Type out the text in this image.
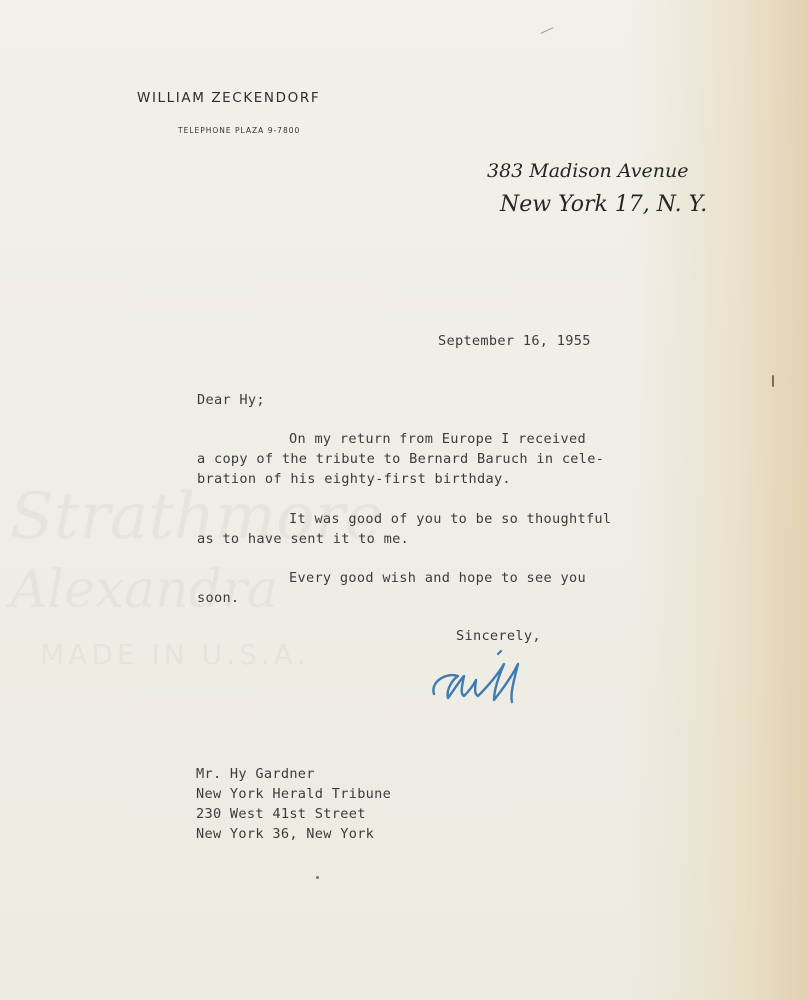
WILLIAM ZECKENDORF
TELEPHONE PLAZA 9-7800
383 Madison Avenue
New York 17, N. Y.
September 16, 1955
Dear Hy;
On my return from Europe I received
a copy of the tribute to Bernard Baruch in cele-
bration of his eighty-first birthday.
It was good of you to be so thoughtful
as to have sent it to me.
Every good wish and hope to see you
soon.
Sincerely,
Mr. Hy Gardner
New York Herald Tribune
230 West 41st Street
New York 36, New York
